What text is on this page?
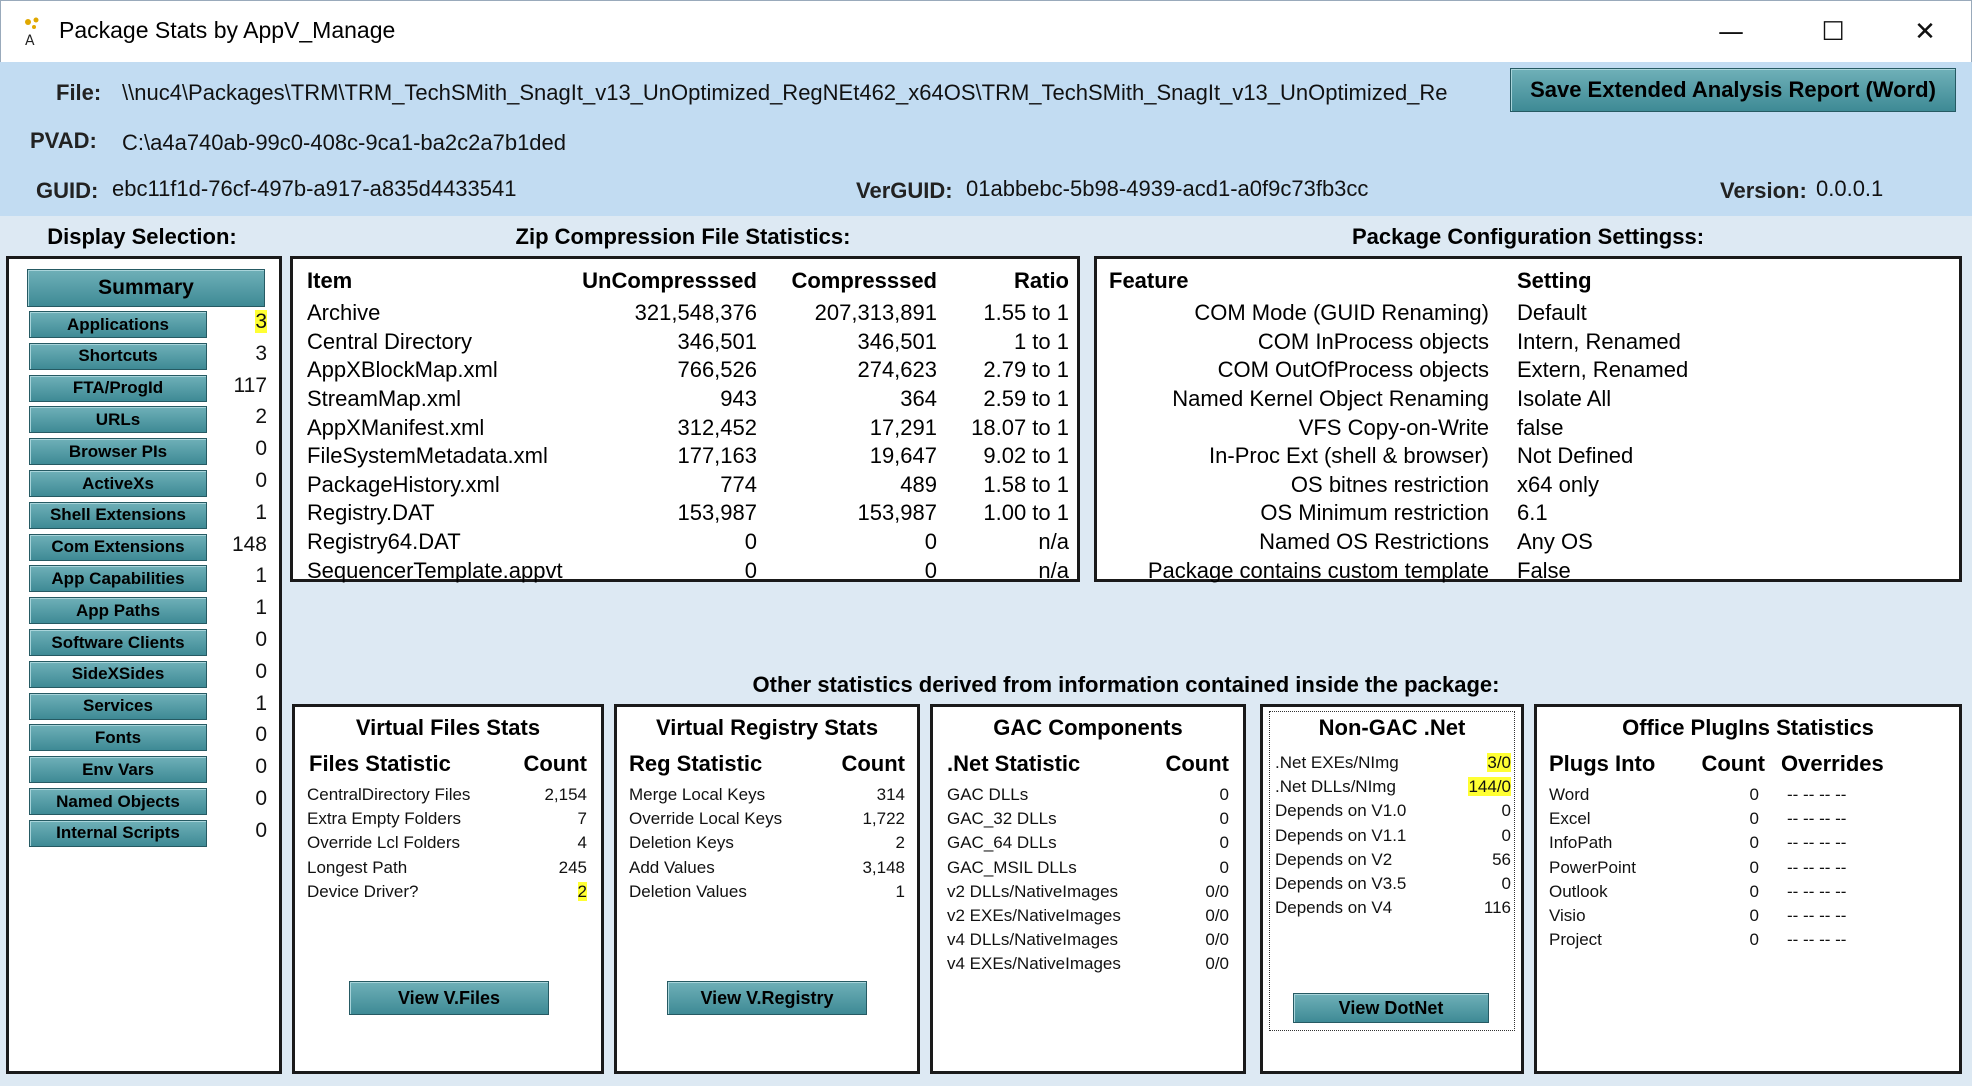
A Package Stats by AppV_Manage	—	☐	✕
File: \\nuc4\Packages\TRM\TRM_TechSMith_SnagIt_v13_UnOptimized_RegNEt462_x64OS\TRM_TechSMith_SnagIt_v13_UnOptimized_Re	Save Extended Analysis Report (Word)
PVAD: C:\a4a740ab-99c0-408c-9ca1-ba2c2a7b1ded
GUID: ebc11f1d-76cf-497b-a917-a835d4433541	VerGUID: 01abbebc-5b98-4939-acd1-a0f9c73fb3cc	Version: 0.0.0.1
Display Selection:	Zip Compression File Statistics:	Package Configuration Settingss:
Other statistics derived from information contained inside the package:
Summary
Applications	3
Shortcuts	3
FTA/ProgId	117
URLs	2
Browser PIs	0
ActiveXs	0
Shell Extensions	1
Com Extensions	148
App Capabilities	1
App Paths	1
Software Clients	0
SideXSides	0
Services	1
Fonts	0
Env Vars	0
Named Objects	0
Internal Scripts	0
Item	UnCompresssed	Compresssed	Ratio
Archive	321,548,376	207,313,891	1.55 to 1
Central Directory	346,501	346,501	1 to 1
AppXBlockMap.xml	766,526	274,623	2.79 to 1
StreamMap.xml	943	364	2.59 to 1
AppXManifest.xml	312,452	17,291	18.07 to 1
FileSystemMetadata.xml	177,163	19,647	9.02 to 1
PackageHistory.xml	774	489	1.58 to 1
Registry.DAT	153,987	153,987	1.00 to 1
Registry64.DAT	0	0	n/a
SequencerTemplate.appvt	0	0	n/a
Feature	Setting
COM Mode (GUID Renaming)	Default
COM InProcess objects	Intern, Renamed
COM OutOfProcess objects	Extern, Renamed
Named Kernel Object Renaming	Isolate All
VFS Copy-on-Write	false
In-Proc Ext (shell & browser)	Not Defined
OS bitnes restriction	x64 only
OS Minimum restriction	6.1
Named OS Restrictions	Any OS
Package contains custom template	False
Virtual Files Stats
Files Statistic	Count
CentralDirectory Files	2,154
Extra Empty Folders	7
Override Lcl Folders	4
Longest Path	245
Device Driver?	2
View V.Files
Virtual Registry Stats
Reg Statistic	Count
Merge Local Keys	314
Override Local Keys	1,722
Deletion Keys	2
Add Values	3,148
Deletion Values	1
View V.Registry
GAC Components
.Net Statistic	Count
GAC DLLs	0
GAC_32 DLLs	0
GAC_64 DLLs	0
GAC_MSIL DLLs	0
v2 DLLs/NativeImages	0/0
v2 EXEs/NativeImages	0/0
v4 DLLs/NativeImages	0/0
v4 EXEs/NativeImages	0/0
Non-GAC .Net
.Net EXEs/NImg	3/0
.Net DLLs/NImg	144/0
Depends on V1.0	0
Depends on V1.1	0
Depends on V2	56
Depends on V3.5	0
Depends on V4	116
View DotNet
Office PlugIns Statistics
Plugs Into	Count Overrides
Word	0 -- -- -- --
Excel	0 -- -- -- --
InfoPath	0 -- -- -- --
PowerPoint	0 -- -- -- --
Outlook	0 -- -- -- --
Visio	0 -- -- -- --
Project	0 -- -- -- --
